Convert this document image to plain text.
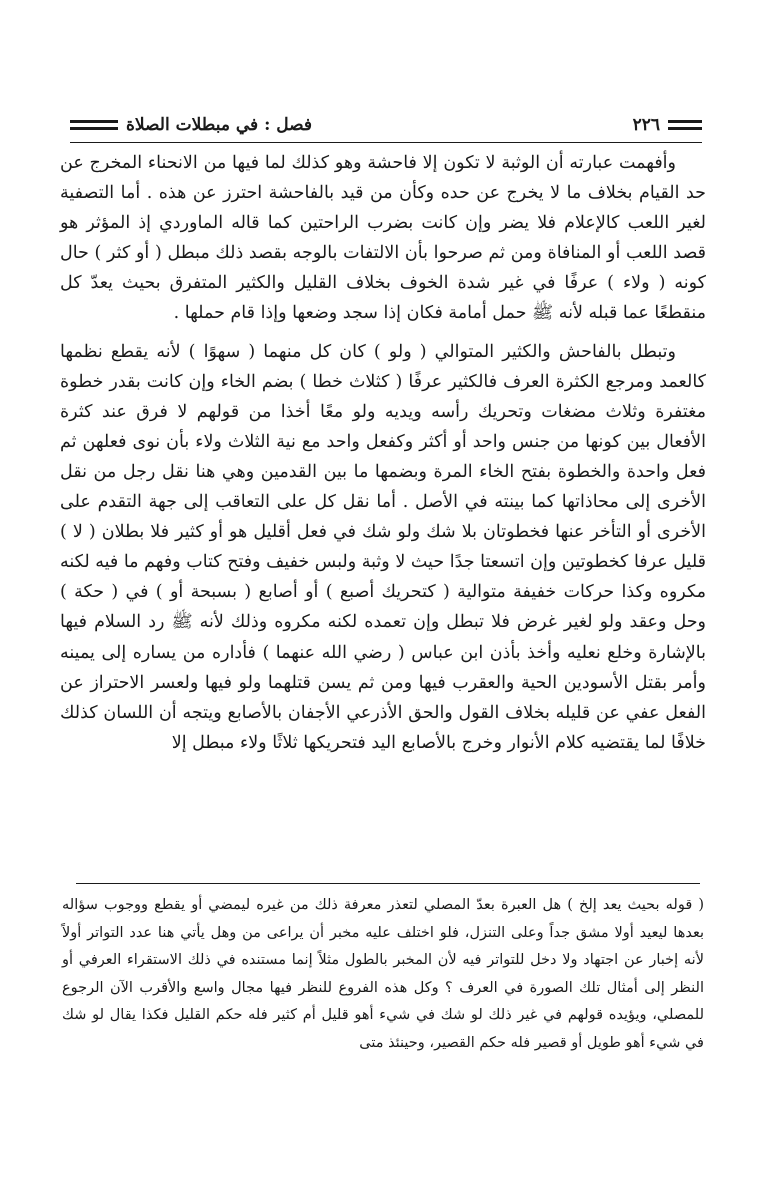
٢٢٦
فصل : في مبطلات الصلاة

وأفهمت عبارته أن الوثبة لا تكون إلا فاحشة وهو كذلك لما فيها من الانحناء المخرج عن حد القيام بخلاف ما لا يخرج عن حده وكأن من قيد بالفاحشة احترز عن هذه . أما التصفية لغير اللعب كالإعلام فلا يضر وإن كانت بضرب الراحتين كما قاله الماوردي إذ المؤثر هو قصد اللعب أو المنافاة ومن ثم صرحوا بأن الالتفات بالوجه بقصد ذلك مبطل ( أو كثر ) حال كونه ( ولاء ) عرفًا في غير شدة الخوف بخلاف القليل والكثير المتفرق بحيث يعدّ كل منقطعًا عما قبله لأنه ﷺ حمل أمامة فكان إذا سجد وضعها وإذا قام حملها .

وتبطل بالفاحش والكثير المتوالي ( ولو ) كان كل منهما ( سهوًا ) لأنه يقطع نظمها كالعمد ومرجع الكثرة العرف فالكثير عرفًا ( كثلاث خطا ) بضم الخاء وإن كانت بقدر خطوة مغتفرة وثلاث مضغات وتحريك رأسه ويديه ولو معًا أخذا من قولهم لا فرق عند كثرة الأفعال بين كونها من جنس واحد أو أكثر وكفعل واحد مع نية الثلاث ولاء بأن نوى فعلهن ثم فعل واحدة والخطوة بفتح الخاء المرة وبضمها ما بين القدمين وهي هنا نقل رجل من نقل الأخرى إلى محاذاتها كما بينته في الأصل . أما نقل كل على التعاقب إلى جهة التقدم على الأخرى أو التأخر عنها فخطوتان بلا شك ولو شك في فعل أقليل هو أو كثير فلا بطلان ( لا ) قليل عرفا كخطوتين وإن اتسعتا جدًا حيث لا وثبة ولبس خفيف وفتح كتاب وفهم ما فيه لكنه مكروه وكذا حركات خفيفة متوالية ( كتحريك أصبع ) أو أصابع ( بسبحة أو ) في ( حكة ) وحل وعقد ولو لغير غرض فلا تبطل وإن تعمده لكنه مكروه وذلك لأنه ﷺ رد السلام فيها بالإشارة وخلع نعليه وأخذ بأذن ابن عباس ( رضي الله عنهما ) فأداره من يساره إلى يمينه وأمر بقتل الأسودين الحية والعقرب فيها ومن ثم يسن قتلهما ولو فيها ولعسر الاحتراز عن الفعل عفي عن قليله بخلاف القول والحق الأذرعي الأجفان بالأصابع ويتجه أن اللسان كذلك خلافًا لما يقتضيه كلام الأنوار وخرج بالأصابع اليد فتحريكها ثلاثًا ولاء مبطل إلا

( قوله بحيث يعد إلخ ) هل العبرة بعدّ المصلي لتعذر معرفة ذلك من غيره ليمضي أو يقطع ووجوب سؤاله بعدها ليعيد أولا مشق جداً وعلى التنزل، فلو اختلف عليه مخبر أن يراعى من وهل يأتي هنا عدد التواتر أولاً لأنه إخبار عن اجتهاد ولا دخل للتواتر فيه لأن المخبر بالطول مثلاً إنما مستنده في ذلك الاستقراء العرفي أو النظر إلى أمثال تلك الصورة في العرف ؟ وكل هذه الفروع للنظر فيها مجال واسع والأقرب الآن الرجوع للمصلي، ويؤيده قولهم في غير ذلك لو شك في شيء أهو قليل أم كثير فله حكم القليل فكذا يقال لو شك في شيء أهو طويل أو قصير فله حكم القصير، وحينئذ متى
